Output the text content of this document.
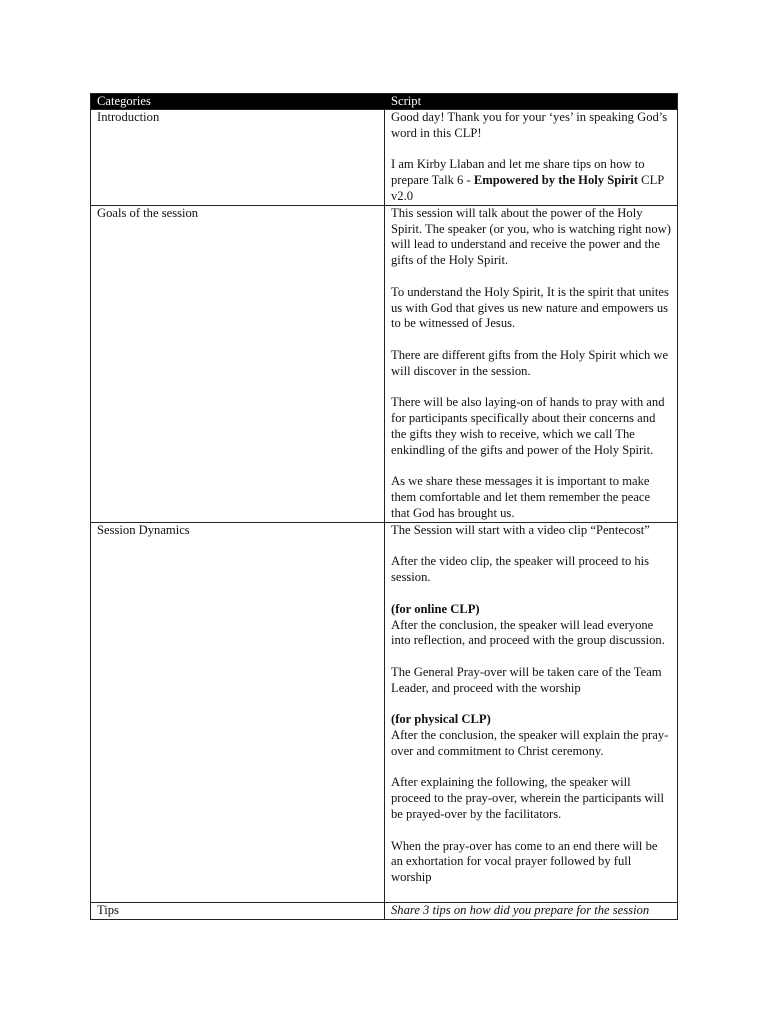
Categories	Script
Introduction	Good day! Thank you for your ‘yes’ in speaking God’s word in this CLP!

I am Kirby Llaban and let me share tips on how to prepare Talk 6 - Empowered by the Holy Spirit CLP v2.0

Goals of the session	This session will talk about the power of the Holy Spirit. The speaker (or you, who is watching right now) will lead to understand and receive the power and the gifts of the Holy Spirit.

To understand the Holy Spirit, It is the spirit that unites us with God that gives us new nature and empowers us to be witnessed of Jesus.

There are different gifts from the Holy Spirit which we will discover in the session.

There will be also laying-on of hands to pray with and for participants specifically about their concerns and the gifts they wish to receive, which we call The enkindling of the gifts and power of the Holy Spirit.

As we share these messages it is important to make them comfortable and let them remember the peace that God has brought us.

Session Dynamics	The Session will start with a video clip “Pentecost”

After the video clip, the speaker will proceed to his session.

(for online CLP)

After the conclusion, the speaker will lead everyone into reflection, and proceed with the group discussion.

The General Pray-over will be taken care of the Team Leader, and proceed with the worship

(for physical CLP)

After the conclusion, the speaker will explain the pray-over and commitment to Christ ceremony.

After explaining the following, the speaker will proceed to the pray-over, wherein the participants will be prayed-over by the facilitators.

When the pray-over has come to an end there will be an exhortation for vocal prayer followed by full worship

Tips	Share 3 tips on how did you prepare for the session
